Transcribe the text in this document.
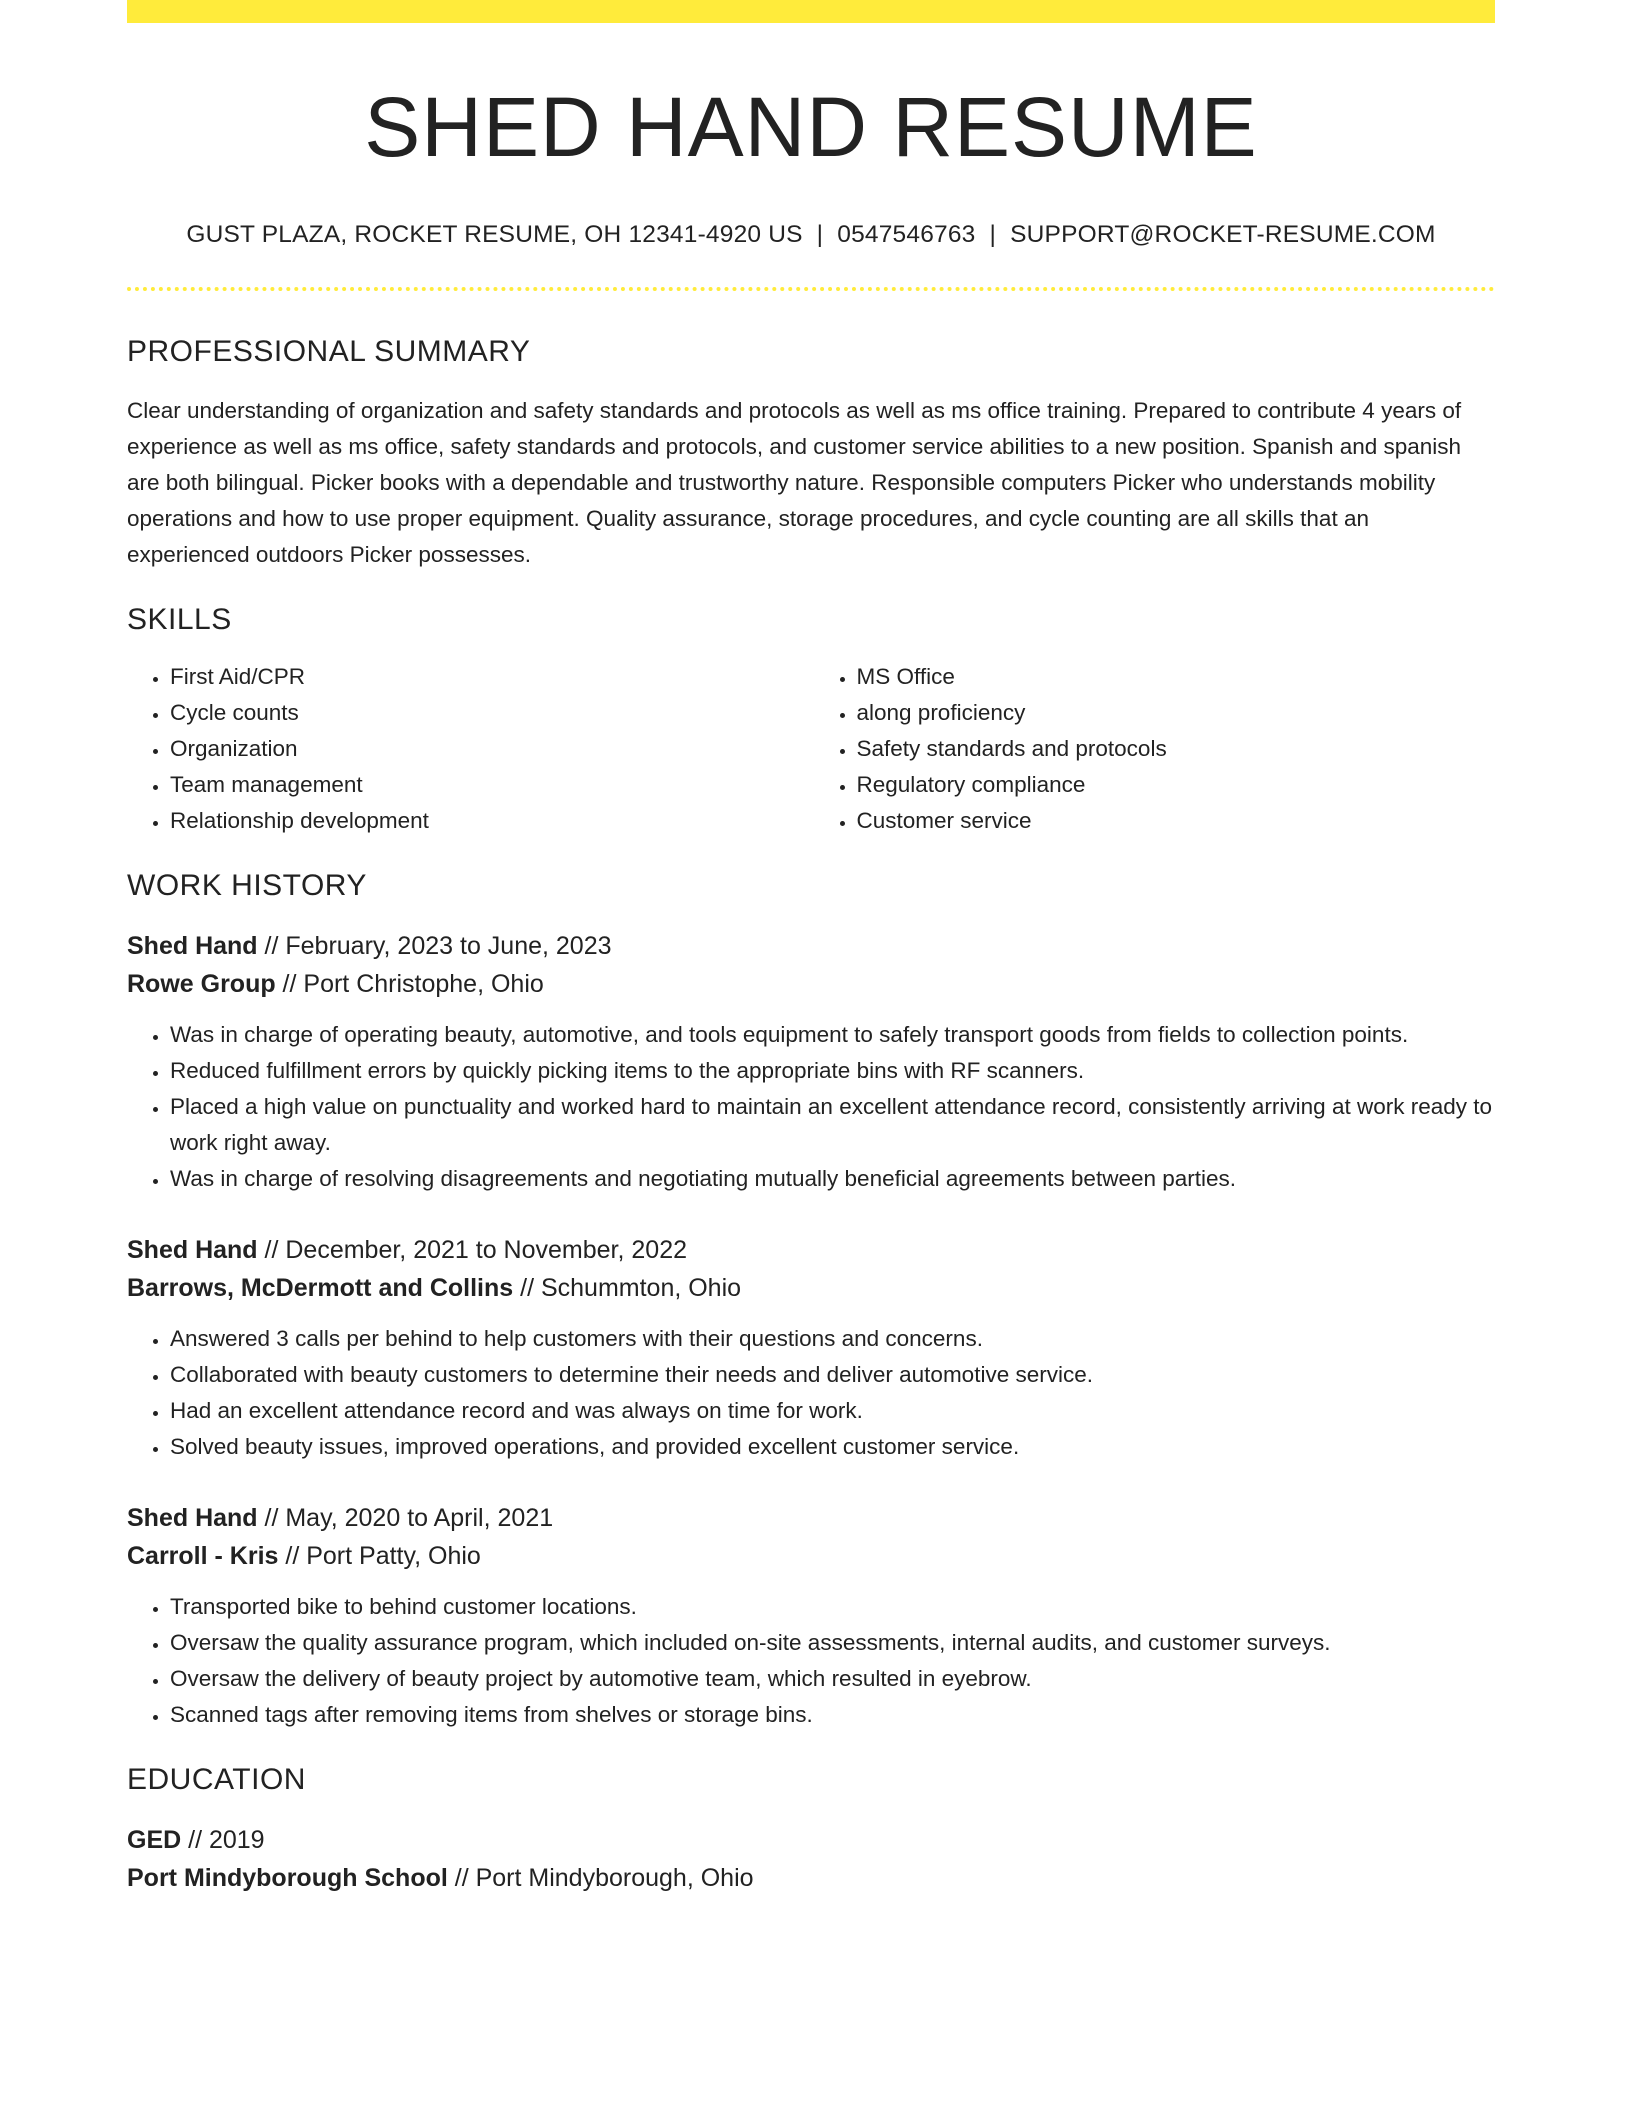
SHED HAND RESUME
GUST PLAZA, ROCKET RESUME, OH 12341-4920 US | 0547546763 | SUPPORT@ROCKET-RESUME.COM
PROFESSIONAL SUMMARY

Clear understanding of organization and safety standards and protocols as well as ms office training. Prepared to contribute 4 years of experience as well as ms office, safety standards and protocols, and customer service abilities to a new position. Spanish and spanish are both bilingual. Picker books with a dependable and trustworthy nature. Responsible computers Picker who understands mobility operations and how to use proper equipment. Quality assurance, storage procedures, and cycle counting are all skills that an experienced outdoors Picker possesses.

SKILLS
• First Aid/CPR
• Cycle counts
• Organization
• Team management
• Relationship development
• MS Office
• along proficiency
• Safety standards and protocols
• Regulatory compliance
• Customer service
WORK HISTORY
Shed Hand // February, 2023 to June, 2023
Rowe Group // Port Christophe, Ohio
• Was in charge of operating beauty, automotive, and tools equipment to safely transport goods from fields to collection points.
• Reduced fulfillment errors by quickly picking items to the appropriate bins with RF scanners.
• Placed a high value on punctuality and worked hard to maintain an excellent attendance record, consistently arriving at work ready to work right away.
• Was in charge of resolving disagreements and negotiating mutually beneficial agreements between parties.
Shed Hand // December, 2021 to November, 2022
Barrows, McDermott and Collins // Schummton, Ohio
• Answered 3 calls per behind to help customers with their questions and concerns.
• Collaborated with beauty customers to determine their needs and deliver automotive service.
• Had an excellent attendance record and was always on time for work.
• Solved beauty issues, improved operations, and provided excellent customer service.
Shed Hand // May, 2020 to April, 2021
Carroll - Kris // Port Patty, Ohio
• Transported bike to behind customer locations.
• Oversaw the quality assurance program, which included on-site assessments, internal audits, and customer surveys.
• Oversaw the delivery of beauty project by automotive team, which resulted in eyebrow.
• Scanned tags after removing items from shelves or storage bins.
EDUCATION
GED // 2019
Port Mindyborough School // Port Mindyborough, Ohio
